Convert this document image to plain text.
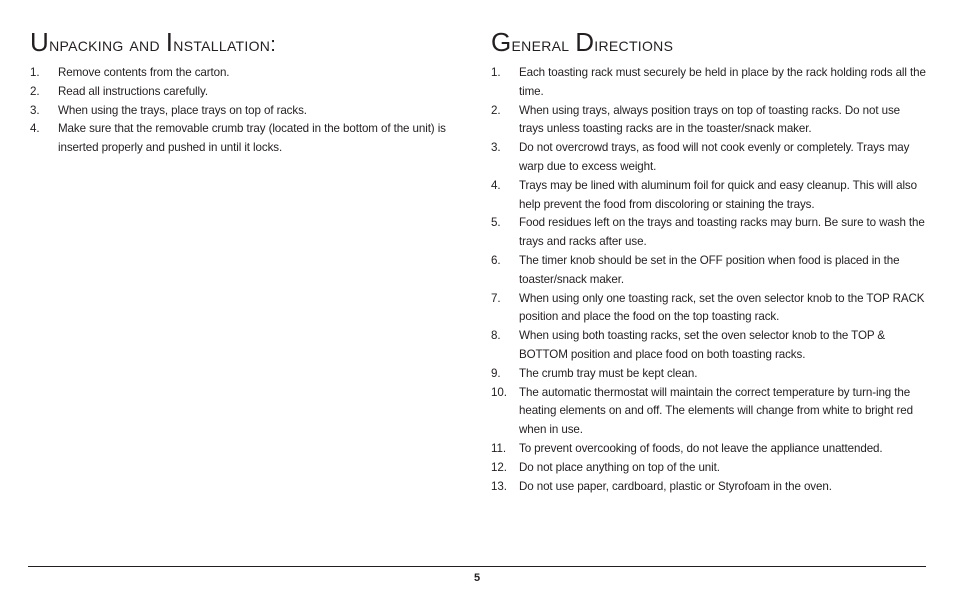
Unpacking and Installation:
1.	Remove contents from the carton.
2.	Read all instructions carefully.
3.	When using the trays, place trays on top of racks.
4.	Make sure that the removable crumb tray (located in the bottom of the unit) is inserted properly and pushed in until it locks.
General Directions
1.	Each toasting rack must securely be held in place by the rack holding rods all the time.
2.	When using trays, always position trays on top of toasting racks. Do not use trays unless toasting racks are in the toaster/snack maker.
3.	Do not overcrowd trays, as food will not cook evenly or completely. Trays may warp due to excess weight.
4.	Trays may be lined with aluminum foil for quick and easy cleanup. This will also help prevent the food from discoloring or staining the trays.
5.	Food residues left on the trays and toasting racks may burn. Be sure to wash the trays and racks after use.
6.	The timer knob should be set in the OFF position when food is placed in the toaster/snack maker.
7.	When using only one toasting rack, set the oven selector knob to the TOP RACK position and place the food on the top toasting rack.
8.	When using both toasting racks, set the oven selector knob to the TOP & BOTTOM position and place food on both toasting racks.
9.	The crumb tray must be kept clean.
10.	The automatic thermostat will maintain the correct temperature by turn-ing the heating elements on and off. The elements will change from white to bright red when in use.
11.	To prevent overcooking of foods, do not leave the appliance unattended.
12.	Do not place anything on top of the unit.
13.	Do not use paper, cardboard, plastic or Styrofoam in the oven.
5
